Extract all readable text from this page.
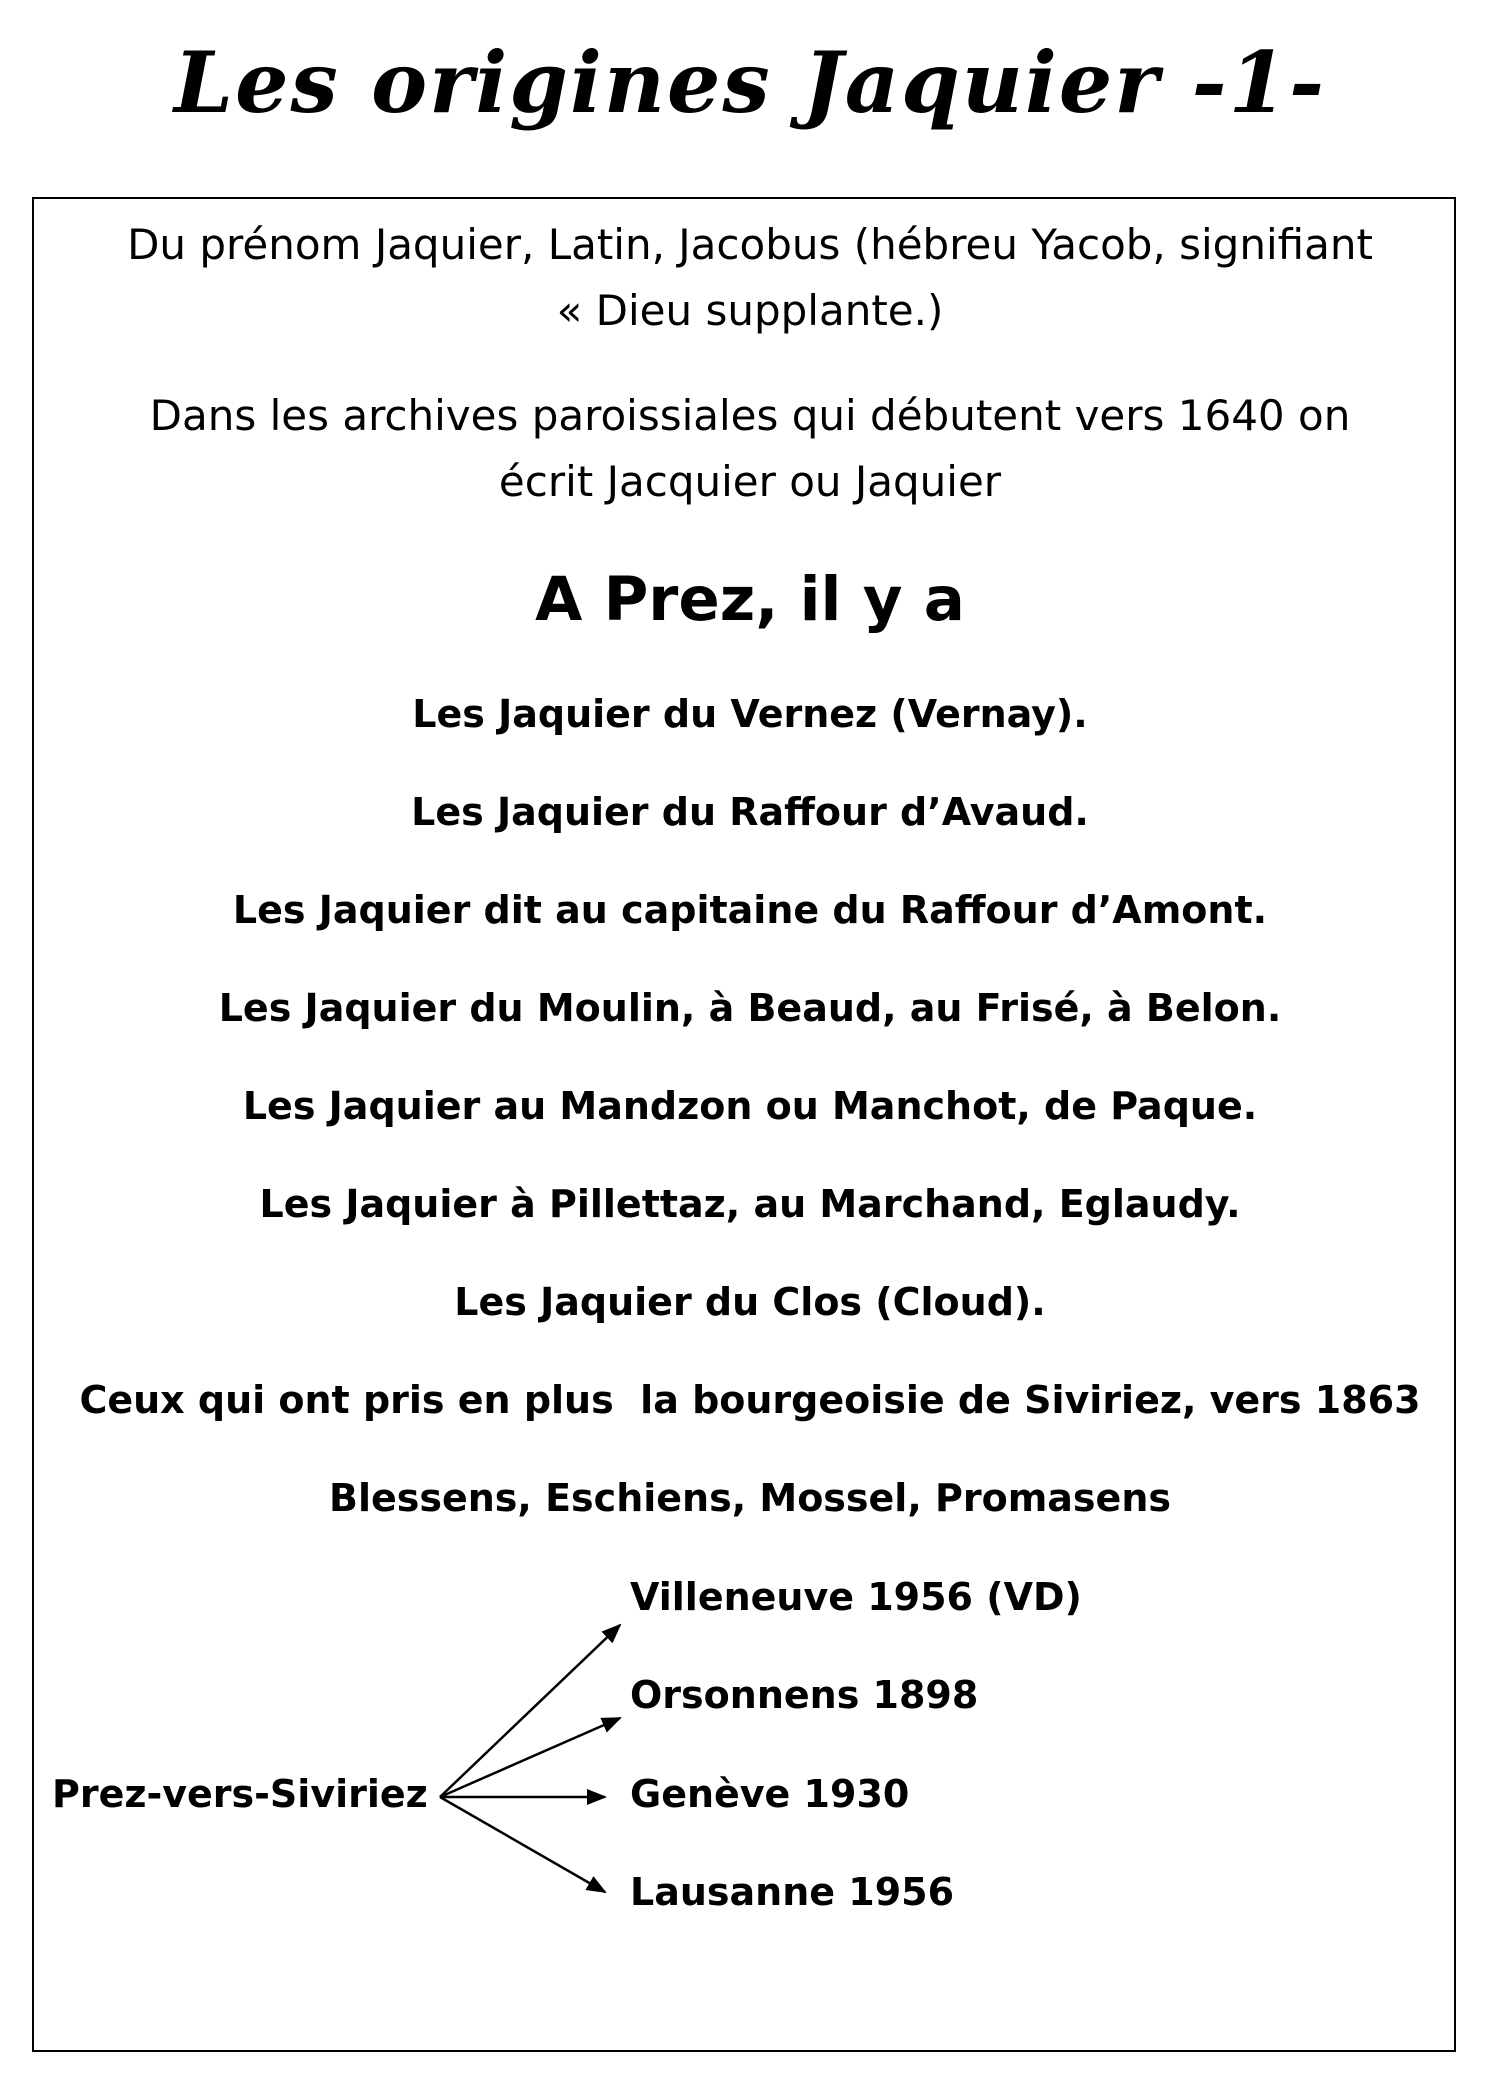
Les origines Jaquier -1-
Du prénom Jaquier, Latin, Jacobus (hébreu Yacob, signifiant
« Dieu supplante.)
Dans les archives paroissiales qui débutent vers 1640 on
écrit Jacquier ou Jaquier
A Prez, il y a
Les Jaquier du Vernez (Vernay).
Les Jaquier du Raffour d’Avaud.
Les Jaquier dit au capitaine du Raffour d’Amont.
Les Jaquier du Moulin, à Beaud, au Frisé, à Belon.
Les Jaquier au Mandzon ou Manchot, de Paque.
Les Jaquier à Pillettaz, au Marchand, Eglaudy.
Les Jaquier du Clos (Cloud).
Ceux qui ont pris en plus  la bourgeoisie de Siviriez, vers 1863
Blessens, Eschiens, Mossel, Promasens
Prez-vers-Siviriez
Villeneuve 1956 (VD)
Orsonnens 1898
Genève 1930
Lausanne 1956
